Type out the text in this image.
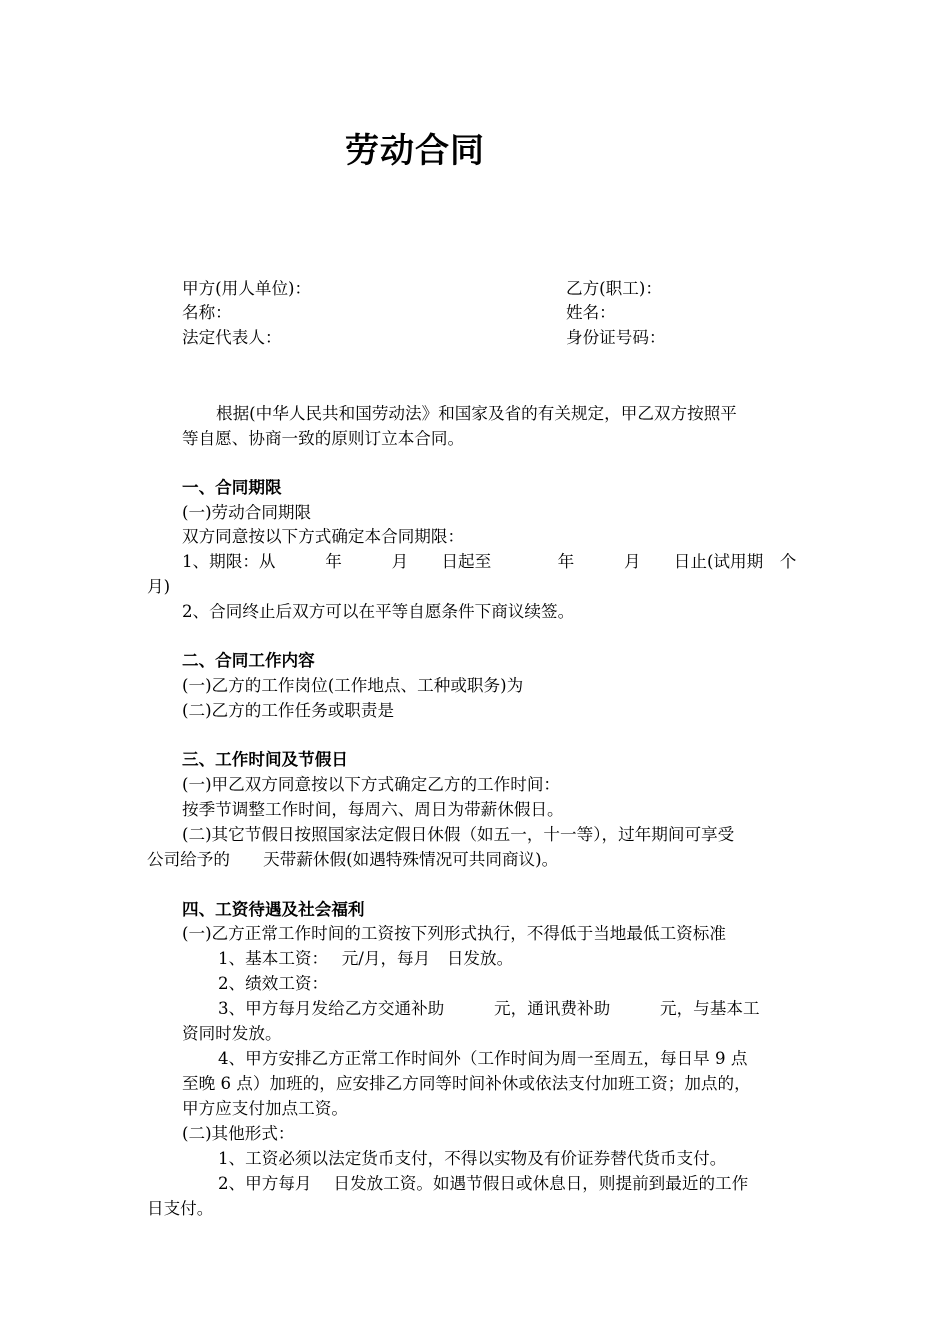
劳动合同

甲方(用人单位)：

名称：

法定代表人：

乙方(职工)：

姓名：

身份证号码：

根据(中华人民共和国劳动法》和国家及省的有关规定，甲乙双方按照平

等自愿、协商一致的原则订立本合同。

一、合同期限

(一)劳动合同期限

双方同意按以下方式确定本合同期限：

1、期限：从　　　年　　　月　　日起至　　　　年　　　月　　日止(试用期　个

月)

2、合同终止后双方可以在平等自愿条件下商议续签。

二、合同工作内容

(一)乙方的工作岗位(工作地点、工种或职务)为

(二)乙方的工作任务或职责是

三、工作时间及节假日

(一)甲乙双方同意按以下方式确定乙方的工作时间：

按季节调整工作时间，每周六、周日为带薪休假日。

(二)其它节假日按照国家法定假日休假（如五一，十一等），过年期间可享受

公司给予的　　天带薪休假(如遇特殊情况可共同商议)。

四、工资待遇及社会福利

(一)乙方正常工作时间的工资按下列形式执行，不得低于当地最低工资标准

1、基本工资：　 元/月，每月　日发放。

2、绩效工资：

3、甲方每月发给乙方交通补助　　　元，通讯费补助　　　元，与基本工

资同时发放。

4、甲方安排乙方正常工作时间外（工作时间为周一至周五，每日早 9 点

至晚 6 点）加班的，应安排乙方同等时间补休或依法支付加班工资；加点的，

甲方应支付加点工资。

(二)其他形式：

1、工资必须以法定货币支付，不得以实物及有价证券替代货币支付。

2、甲方每月　 日发放工资。如遇节假日或休息日，则提前到最近的工作

日支付。
